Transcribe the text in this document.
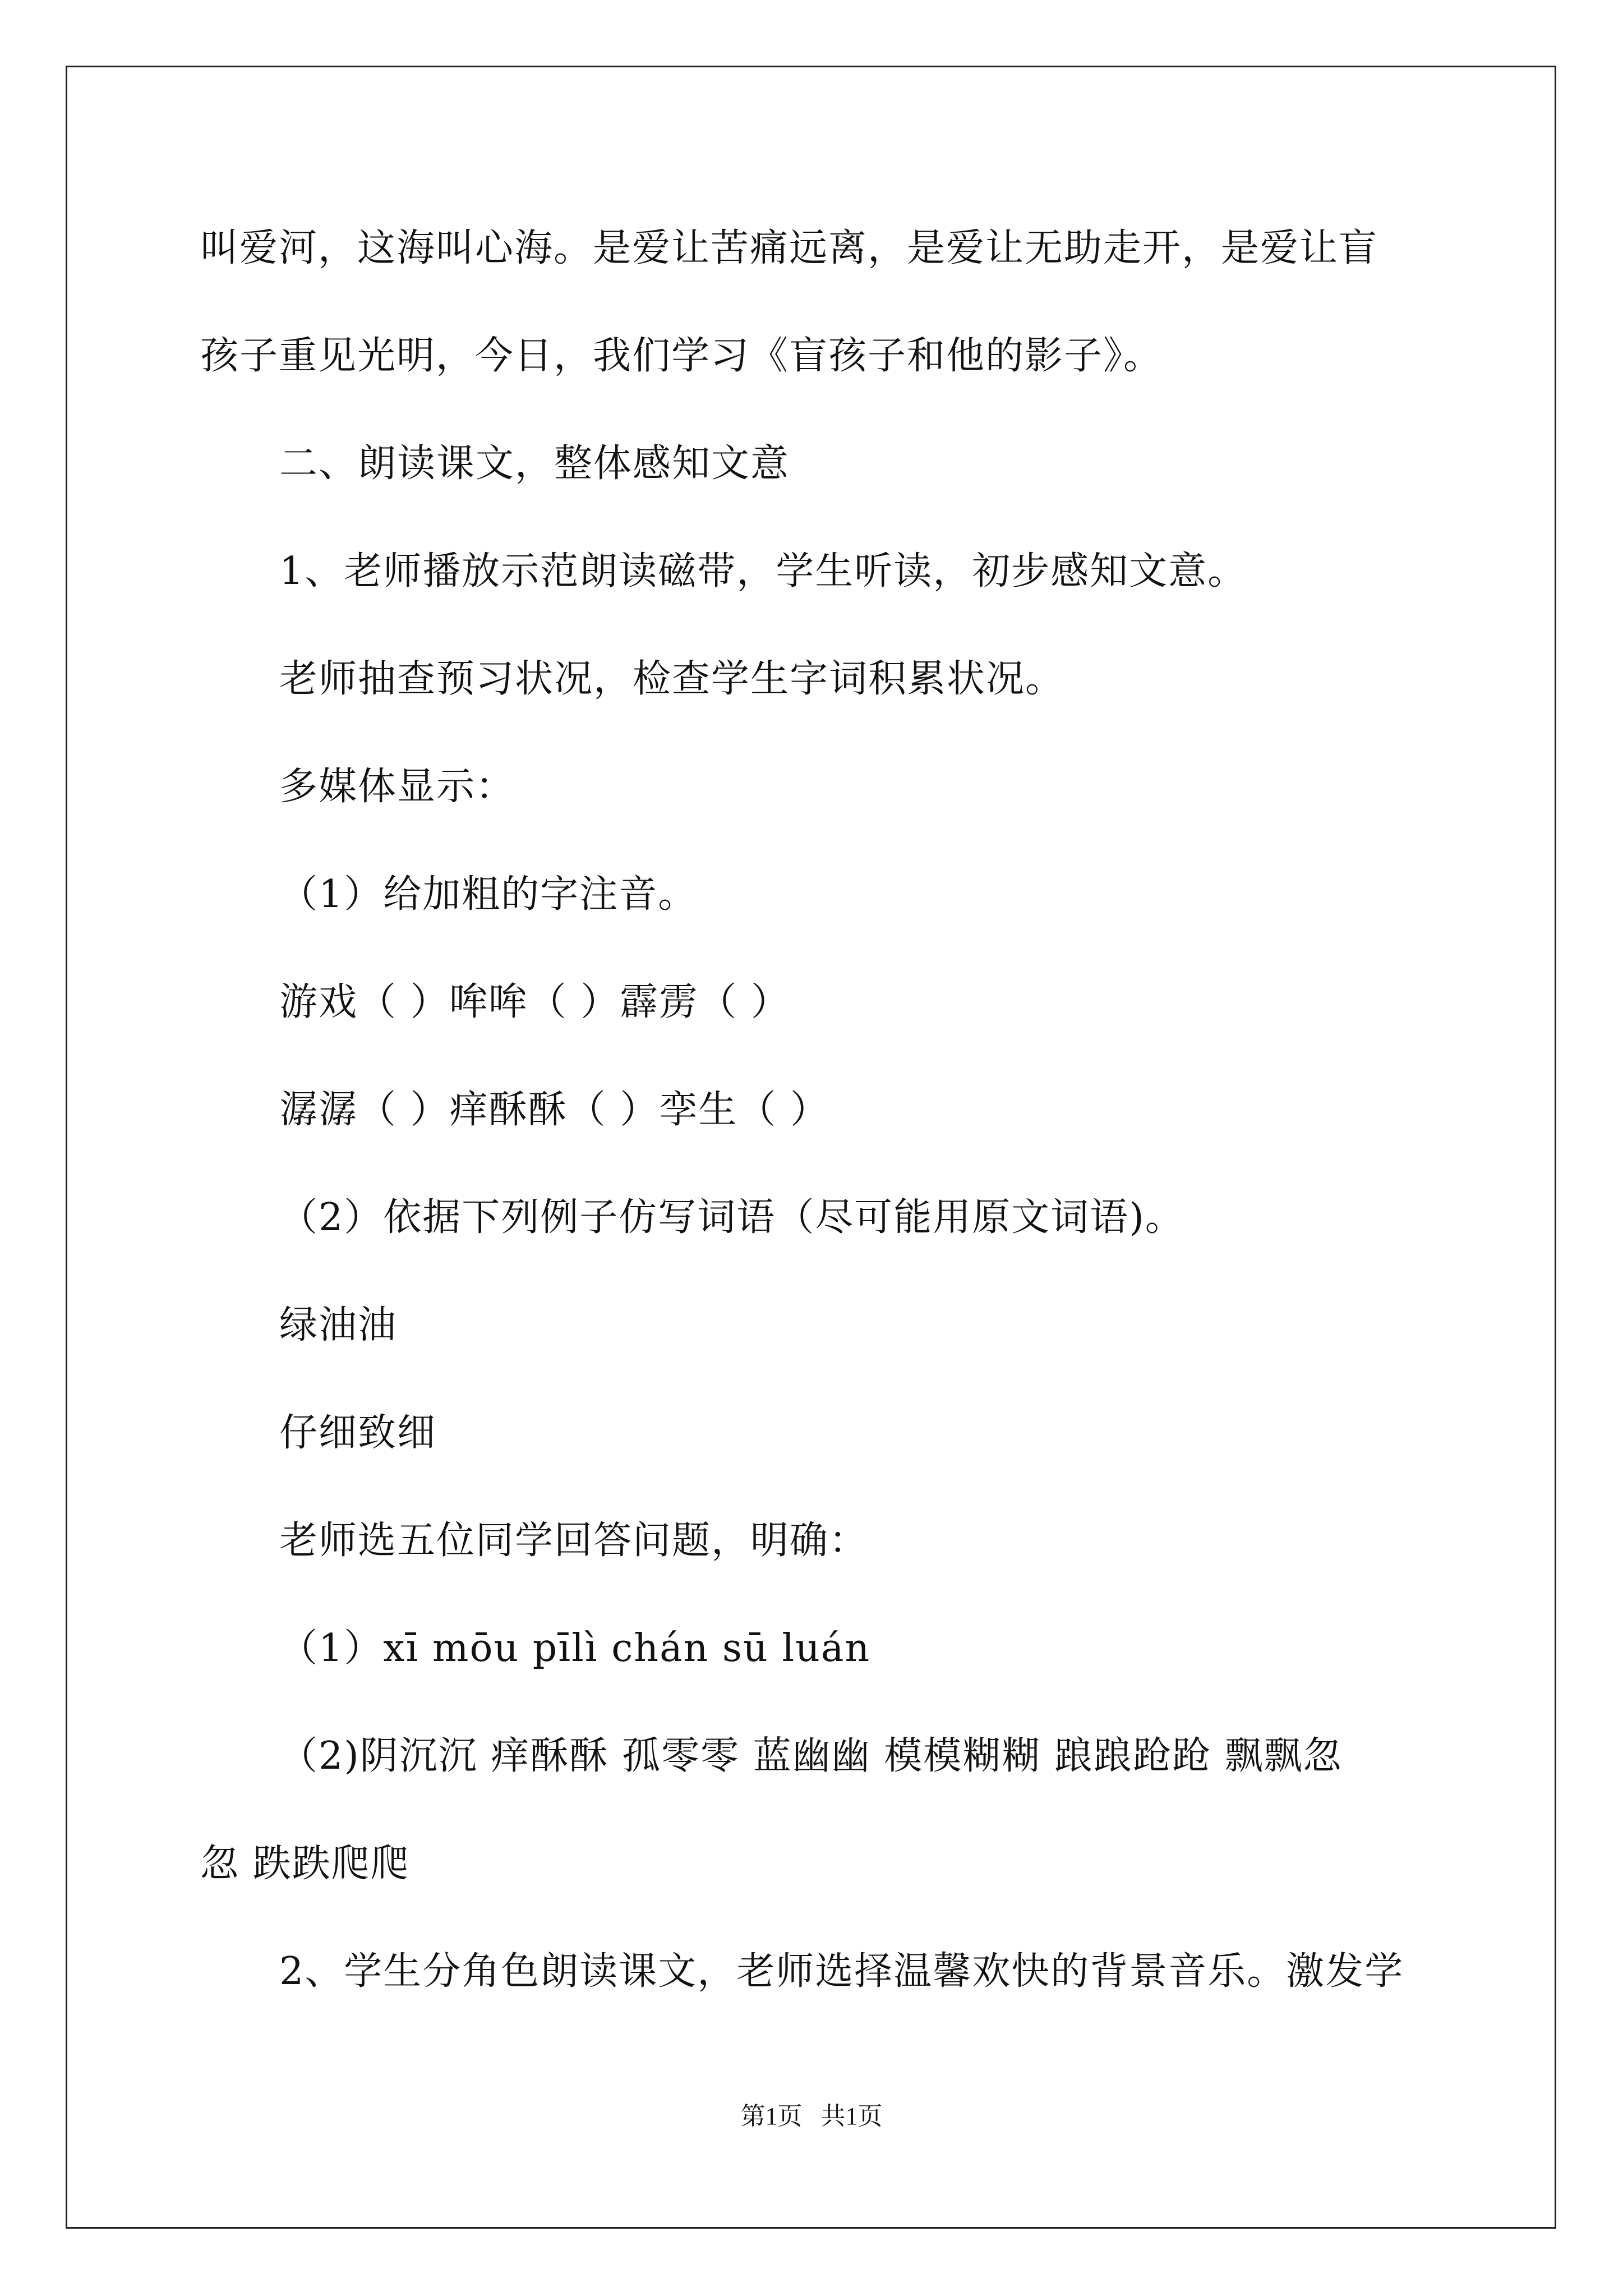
叫爱河，这海叫心海。是爱让苦痛远离，是爱让无助走开，是爱让盲
孩子重见光明，今日，我们学习《盲孩子和他的影子》。
二、朗读课文，整体感知文意
1、老师播放示范朗读磁带，学生听读，初步感知文意。
老师抽查预习状况，检查学生字词积累状况。
多媒体显示：
（1）给加粗的字注音。
游戏（ ）哞哞（ ）霹雳（ ）
潺潺（ ）痒酥酥（ ）孪生（ ）
（2）依据下列例子仿写词语（尽可能用原文词语)。
绿油油
仔细致细
老师选五位同学回答问题，明确：
（1）xī mōu pīlì chán sū luán
（2)阴沉沉 痒酥酥 孤零零 蓝幽幽 模模糊糊 踉踉跄跄 飘飘忽
忽 跌跌爬爬
2、学生分角色朗读课文，老师选择温馨欢快的背景音乐。激发学
第1页   共1页
